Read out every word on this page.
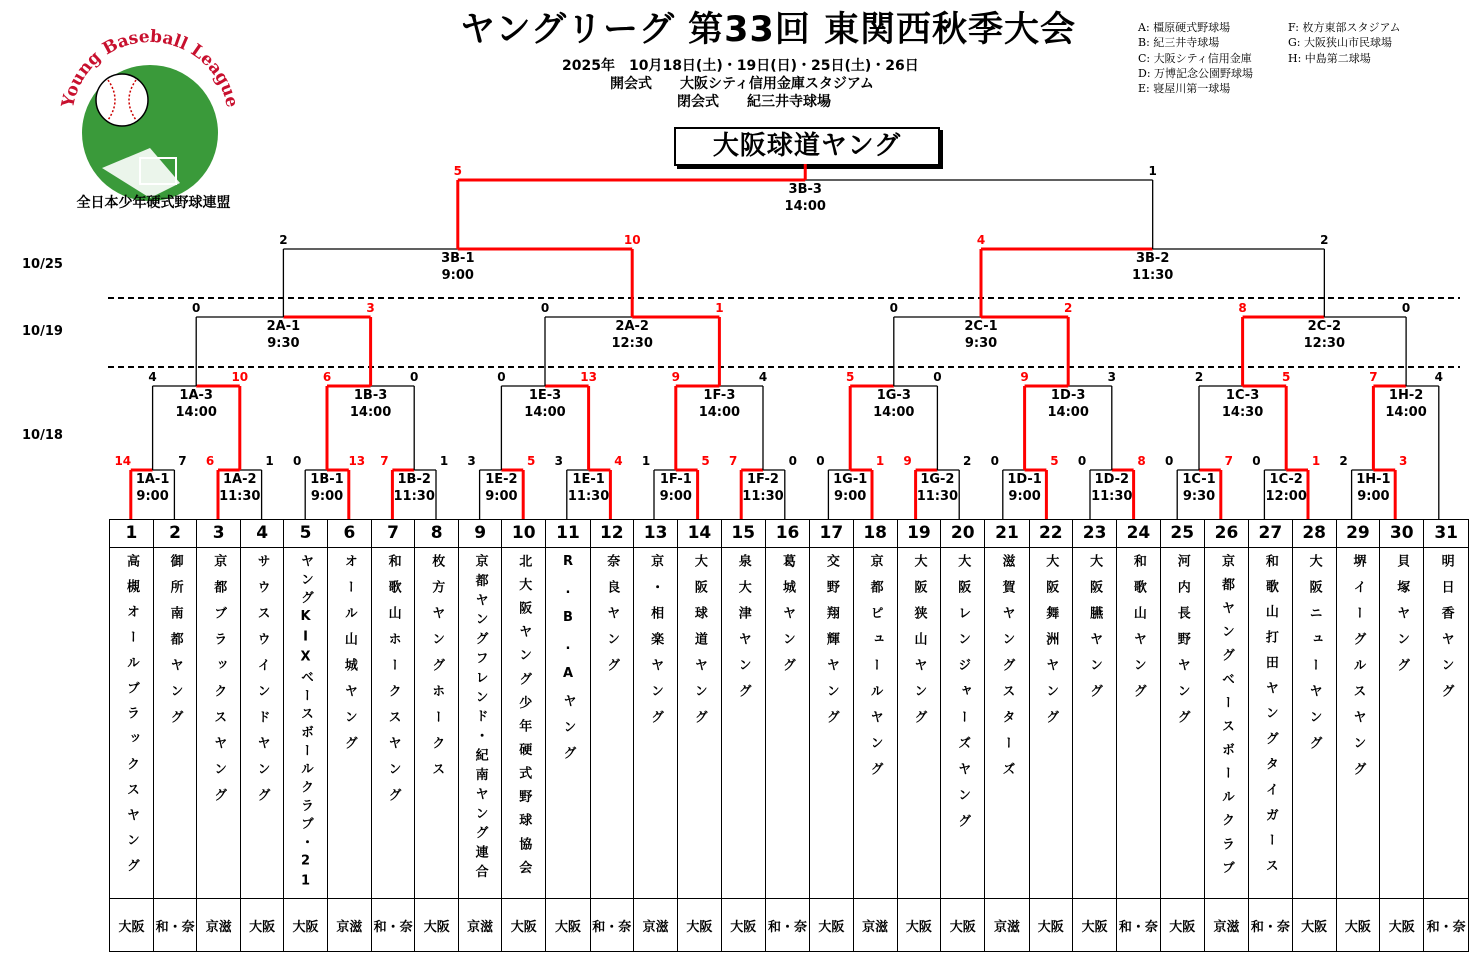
ヤングリーグ 第33回 東関西秋季大会
2025年　10月18日(土)・19日(日)・25日(土)・26日
開会式　　大阪シティ信用金庫スタジアム
閉会式　　紀三井寺球場
A: 橿原硬式野球場	F: 枚方東部スタジアム
B: 紀三井寺球場	G: 大阪狭山市民球場
C: 大阪シティ信用金庫	H: 中島第二球場
D: 万博記念公園野球場
E: 寝屋川第一球場
Young Baseball League
全日本少年硬式野球連盟
10/25
10/19
10/18
大阪球道ヤング
14	7
1A-1
9:00
6	1
1A-2
11:30
0	13
1B-1
9:00
7	1
1B-2
11:30
3	5
1E-2
9:00
3	4
1E-1
11:30
1	5
1F-1
9:00
7	0
1F-2
11:30
0	1
1G-1
9:00
9	2
1G-2
11:30
0	5
1D-1
9:00
0	8
1D-2
11:30
0	7
1C-1
9:30
0	1
1C-2
12:00
2	3
1H-1
9:00
4	10
1A-3
14:00
6	0
1B-3
14:00
0	13
1E-3
14:00
9	4
1F-3
14:00
5	0
1G-3
14:00
9	3
1D-3
14:00
2	5
1C-3
14:30
7	4
1H-2
14:00
0	3
2A-1
9:30
0	1
2A-2
12:30
0	2
2C-1
9:30
8	0
2C-2
12:30
2	10
3B-1
9:00
4	2
3B-2
11:30
5	1
3B-3
14:00
1	2	3	4	5	6	7	8	9	10	11	12	13	14	15	16	17	18	19	20	21	22	23	24	25	26	27	28	29	30	31
高槻オールブラックスヤング	御所南都ヤング	京都ブラックスヤング	サウスウインドヤング	ヤングKIXベースボールクラブ・21	オール山城ヤング	和歌山ホークスヤング	枚方ヤングホークス	京都ヤングフレンド・紀南ヤング連合	北大阪ヤング少年硬式野球協会	R.B.Aヤング	奈良ヤング	京・相楽ヤング	大阪球道ヤング	泉大津ヤング	葛城ヤング	交野翔輝ヤング	京都ピュールヤング	大阪狭山ヤング	大阪レンジャーズヤング	滋賀ヤングスターズ	大阪舞洲ヤング	大阪臙ヤング	和歌山ヤング	河内長野ヤング	京都ヤングベースボールクラブ	和歌山打田ヤングタイガース	大阪ニューヤング	堺イーグルスヤング	貝塚ヤング	明日香ヤング
大阪	和・奈	京滋	大阪	大阪	京滋	和・奈	大阪	京滋	大阪	大阪	和・奈	京滋	大阪	大阪	和・奈	大阪	京滋	大阪	大阪	京滋	大阪	大阪	和・奈	大阪	京滋	和・奈	大阪	大阪	大阪	和・奈
